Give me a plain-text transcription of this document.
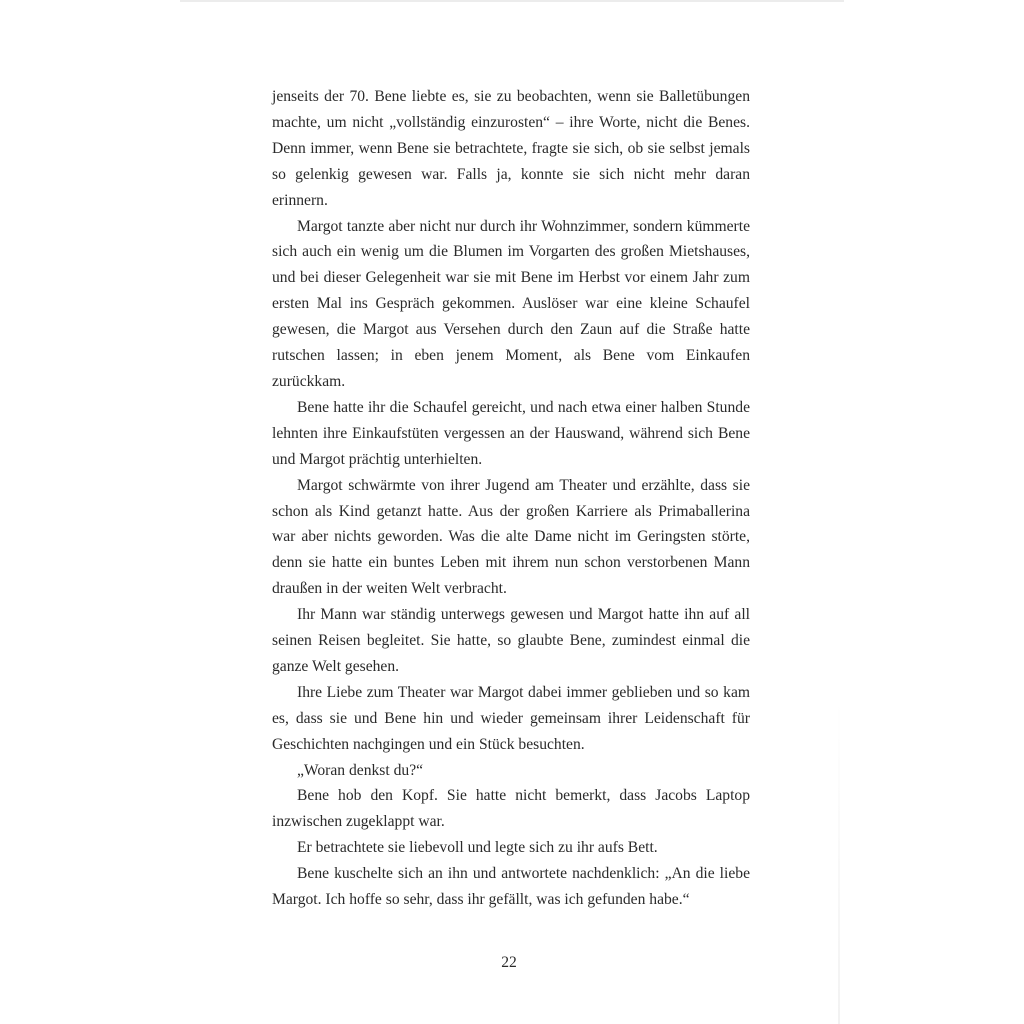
jenseits der 70. Bene liebte es, sie zu beobachten, wenn sie Balletübungen machte, um nicht „vollständig einzurosten“ – ihre Worte, nicht die Benes. Denn immer, wenn Bene sie betrachtete, fragte sie sich, ob sie selbst jemals so gelenkig gewesen war. Falls ja, konnte sie sich nicht mehr daran erinnern.

Margot tanzte aber nicht nur durch ihr Wohnzimmer, sondern kümmerte sich auch ein wenig um die Blumen im Vorgarten des großen Mietshauses, und bei dieser Gelegenheit war sie mit Bene im Herbst vor einem Jahr zum ersten Mal ins Gespräch gekommen. Auslöser war eine kleine Schaufel gewesen, die Margot aus Versehen durch den Zaun auf die Straße hatte rutschen lassen; in eben jenem Moment, als Bene vom Einkaufen zurückkam.

Bene hatte ihr die Schaufel gereicht, und nach etwa einer halben Stunde lehnten ihre Einkaufstüten vergessen an der Hauswand, während sich Bene und Margot prächtig unterhielten.

Margot schwärmte von ihrer Jugend am Theater und erzählte, dass sie schon als Kind getanzt hatte. Aus der großen Karriere als Primaballerina war aber nichts geworden. Was die alte Dame nicht im Geringsten störte, denn sie hatte ein buntes Leben mit ihrem nun schon verstorbenen Mann draußen in der weiten Welt verbracht.

Ihr Mann war ständig unterwegs gewesen und Margot hatte ihn auf all seinen Reisen begleitet. Sie hatte, so glaubte Bene, zumindest einmal die ganze Welt gesehen.

Ihre Liebe zum Theater war Margot dabei immer geblieben und so kam es, dass sie und Bene hin und wieder gemeinsam ihrer Leidenschaft für Geschichten nachgingen und ein Stück besuchten.

„Woran denkst du?“

Bene hob den Kopf. Sie hatte nicht bemerkt, dass Jacobs Laptop inzwischen zugeklappt war.

Er betrachtete sie liebevoll und legte sich zu ihr aufs Bett.

Bene kuschelte sich an ihn und antwortete nachdenklich: „An die liebe Margot. Ich hoffe so sehr, dass ihr gefällt, was ich gefunden habe.“

22
